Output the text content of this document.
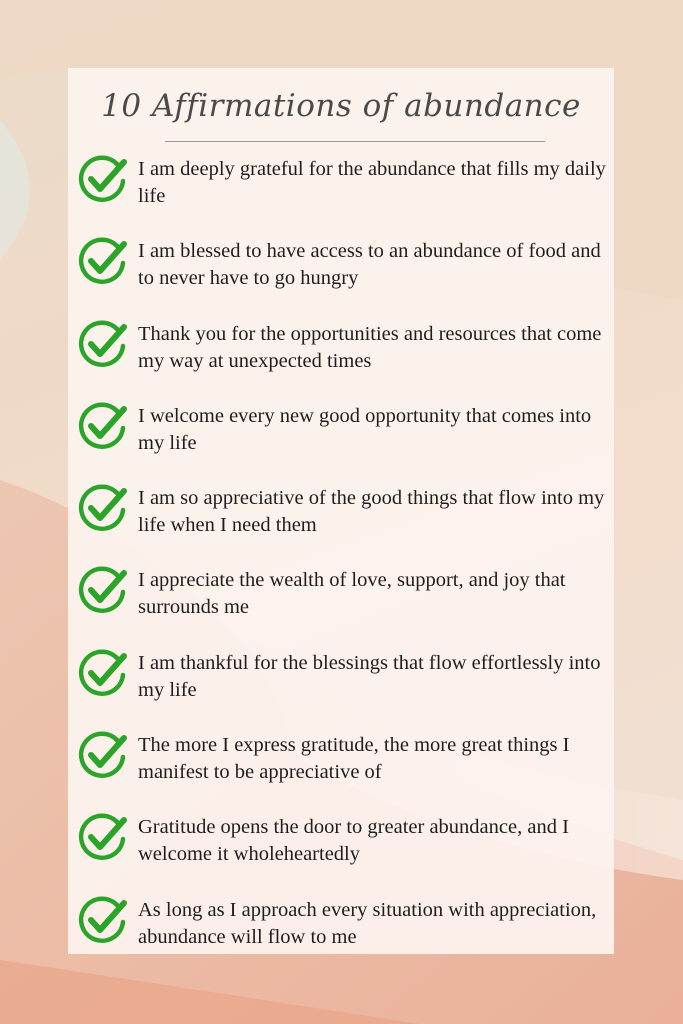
10 Affirmations of abundance
I am deeply grateful for the abundance that fills my daily life
I am blessed to have access to an abundance of food and to never have to go hungry
Thank you for the opportunities and resources that come my way at unexpected times
I welcome every new good opportunity that comes into my life
I am so appreciative of the good things that flow into my life when I need them
I appreciate the wealth of love, support, and joy that surrounds me
I am thankful for the blessings that flow effortlessly into my life
The more I express gratitude, the more great things I manifest to be appreciative of
Gratitude opens the door to greater abundance, and I welcome it wholeheartedly
As long as I approach every situation with appreciation, abundance will flow to me
